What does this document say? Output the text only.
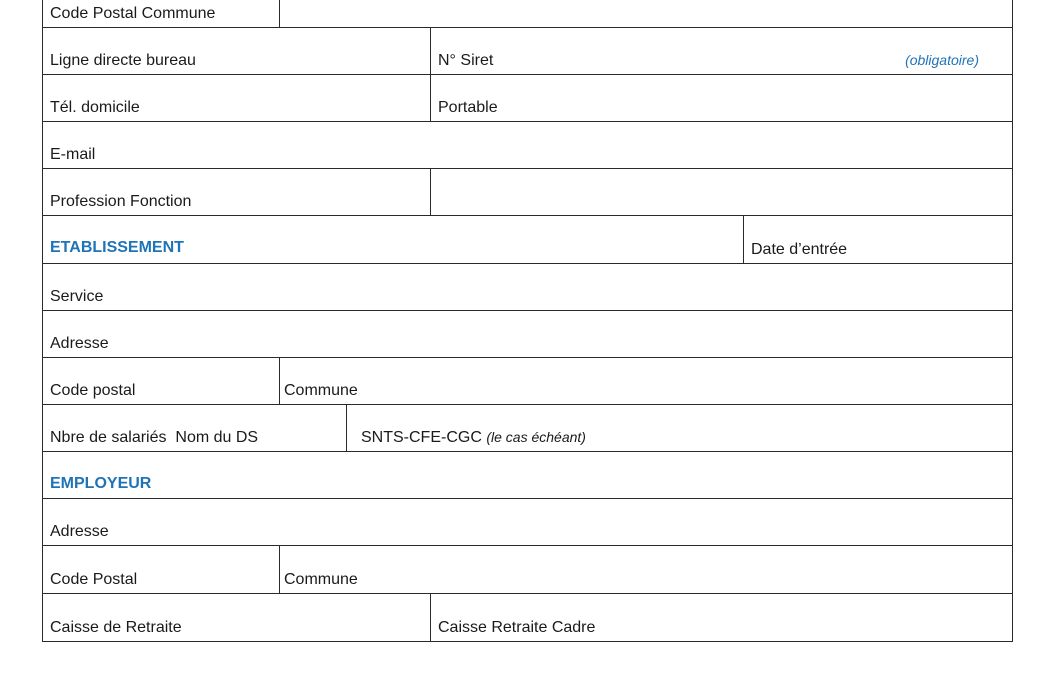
Code Postal Commune
Ligne directe bureau	N° Siret	(obligatoire)
Tél. domicile	Portable
E-mail
Profession Fonction
ETABLISSEMENT	Date d’entrée
Service
Adresse
Code postal	Commune
Nbre de salariés Nom du DS	SNTS-CFE-CGC (le cas échéant)
EMPLOYEUR
Adresse
Code Postal	Commune
Caisse de Retraite	Caisse Retraite Cadre
